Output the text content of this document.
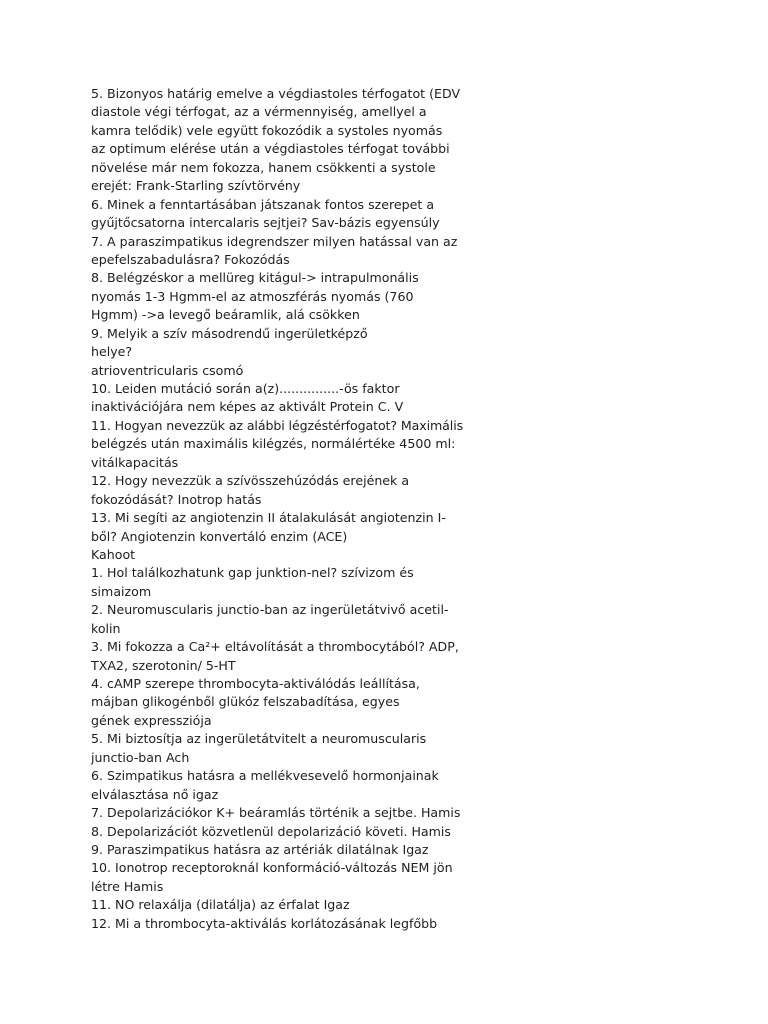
5. Bizonyos határig emelve a végdiastoles térfogatot (EDV
diastole végi térfogat, az a vérmennyiség, amellyel a
kamra telődik) vele együtt fokozódik a systoles nyomás
az optimum elérése után a végdiastoles térfogat további
növelése már nem fokozza, hanem csökkenti a systole
erejét: Frank-Starling szívtörvény
6. Minek a fenntartásában játszanak fontos szerepet a
gyűjtőcsatorna intercalaris sejtjei? Sav-bázis egyensúly
7. A paraszimpatikus idegrendszer milyen hatással van az
epefelszabadulásra? Fokozódás
8. Belégzéskor a mellüreg kitágul-> intrapulmonális
nyomás 1-3 Hgmm-el az atmoszférás nyomás (760
Hgmm) ->a levegő beáramlik, alá csökken
9. Melyik a szív másodrendű ingerületképző
helye?
atrioventricularis csomó
10. Leiden mutáció során a(z)...............-ös faktor
inaktivációjára nem képes az aktivált Protein C. V
11. Hogyan nevezzük az alábbi légzéstérfogatot? Maximális
belégzés után maximális kilégzés, normálértéke 4500 ml:
vitálkapacitás
12. Hogy nevezzük a szívösszehúzódás erejének a
fokozódását? Inotrop hatás
13. Mi segíti az angiotenzin II átalakulását angiotenzin I-
ből? Angiotenzin konvertáló enzim (ACE)
Kahoot
1. Hol találkozhatunk gap junktion-nel? szívizom és
simaizom
2. Neuromuscularis junctio-ban az ingerületátvivő acetil-
kolin
3. Mi fokozza a Ca²+ eltávolítását a thrombocytából? ADP,
TXA2, szerotonin/ 5-HT
4. cAMP szerepe thrombocyta-aktiválódás leállítása,
májban glikogénből glükóz felszabadítása, egyes
gének expressziója
5. Mi biztosítja az ingerületátvitelt a neuromuscularis
junctio-ban Ach
6. Szimpatikus hatásra a mellékvesevelő hormonjainak
elválasztása nő igaz
7. Depolarizációkor K+ beáramlás történik a sejtbe. Hamis
8. Depolarizációt közvetlenül depolarizáció követi. Hamis
9. Paraszimpatikus hatásra az artériák dilatálnak Igaz
10. Ionotrop receptoroknál konformáció-változás NEM jön
létre Hamis
11. NO relaxálja (dilatálja) az érfalat Igaz
12. Mi a thrombocyta-aktiválás korlátozásának legfőbb
